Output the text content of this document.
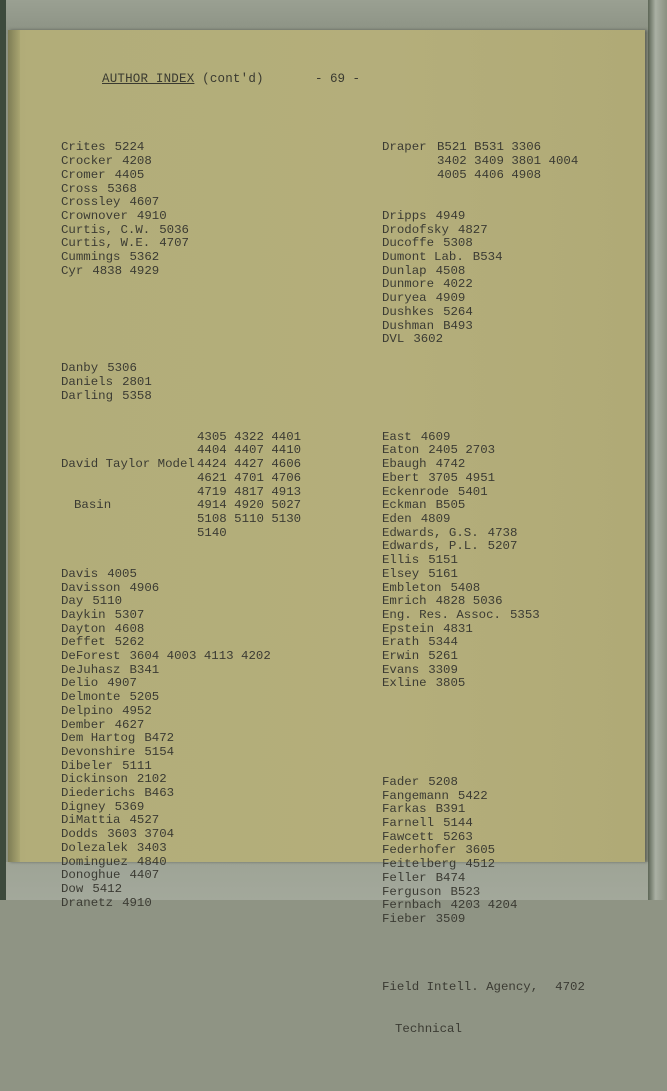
AUTHOR INDEX (cont'd)	- 69 -

Crites 5224
Crocker 4208
Cromer 4405
Cross 5368
Crossley 4607
Crownover 4910
Curtis, C.W. 5036
Curtis, W.E. 4707
Cummings 5362
Cyr 4838 4929

Danby 5306
Daniels 2801
Darling 5358

David Taylor Model

Basin

4305 4322 4401
4404 4407 4410
4424 4427 4606
4621 4701 4706
4719 4817 4913
4914 4920 5027
5108 5110 5130
5140

Davis 4005
Davisson 4906
Day 5110
Daykin 5307
Dayton 4608
Deffet 5262
DeForest 3604 4003 4113 4202
DeJuhasz B341
Delio 4907
Delmonte 5205
Delpino 4952
Dember 4627
Dem Hartog B472
Devonshire 5154
Dibeler 5111
Dickinson 2102
Diederichs B463
Digney 5369
DiMattia 4527
Dodds 3603 3704
Dolezalek 3403
Dominguez 4840
Donoghue 4407
Dow 5412
Dranetz 4910

Draper B521 B531 3306
3402 3409 3801 4004
4005 4406 4908

Dripps 4949
Drodofsky 4827
Ducoffe 5308
Dumont Lab. B534
Dunlap 4508
Dunmore 4022
Duryea 4909
Dushkes 5264
Dushman B493
DVL 3602

East 4609
Eaton 2405 2703
Ebaugh 4742
Ebert 3705 4951
Eckenrode 5401
Eckman B505
Eden 4809
Edwards, G.S. 4738
Edwards, P.L. 5207
Ellis 5151
Elsey 5161
Embleton 5408
Emrich 4828 5036
Eng. Res. Assoc. 5353
Epstein 4831
Erath 5344
Erwin 5261
Evans 3309
Exline 3805

Fader 5208
Fangemann 5422
Farkas B391
Farnell 5144
Fawcett 5263
Federhofer 3605
Feitelberg 4512
Feller B474
Ferguson B523
Fernbach 4203 4204
Fieber 3509

Field Intell. Agency, 4702

Technical
